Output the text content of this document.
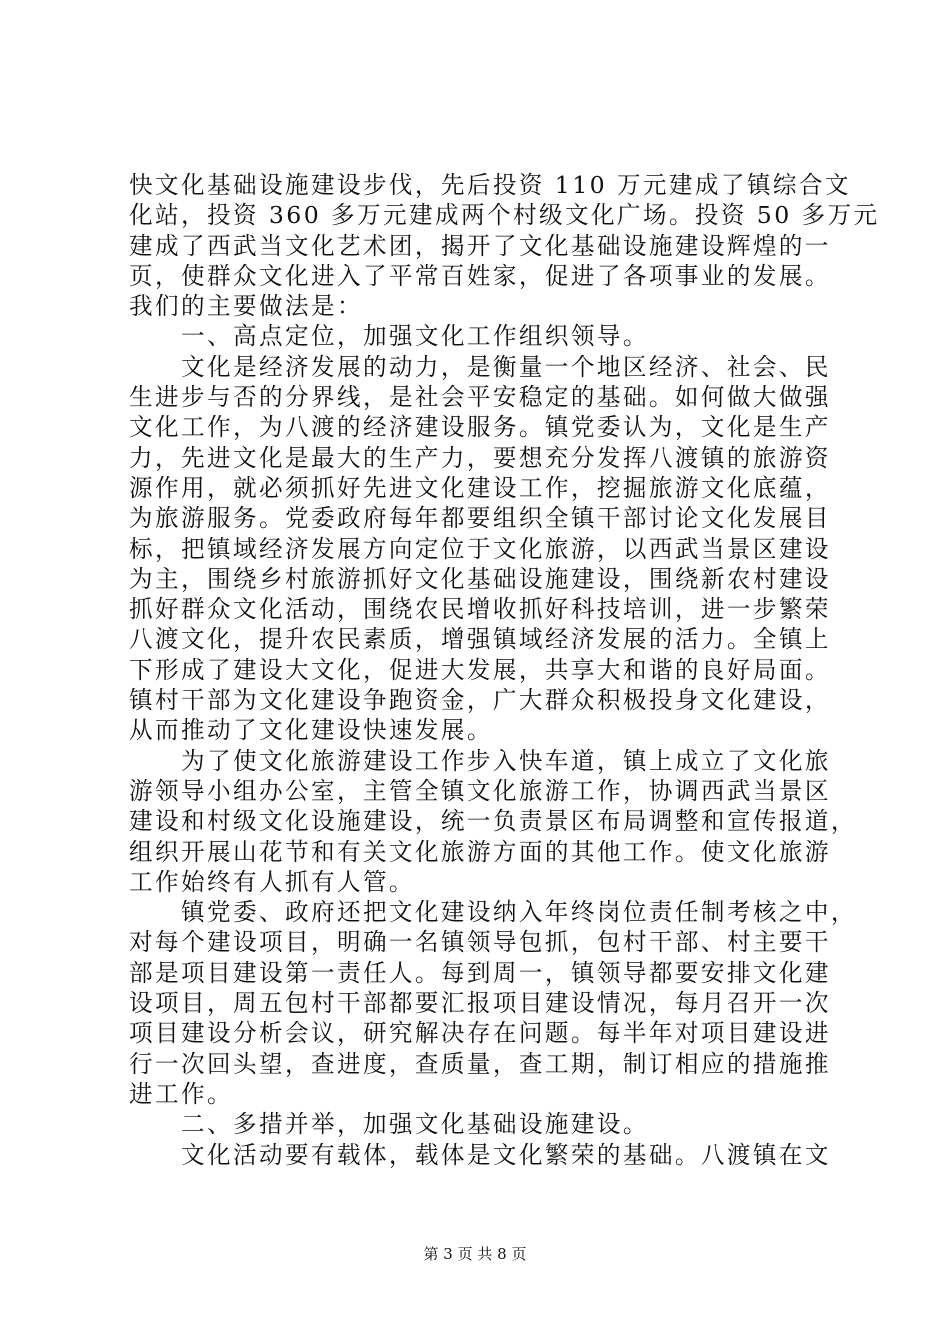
快文化基础设施建设步伐，先后投资 110 万元建成了镇综合文
化站，投资 360 多万元建成两个村级文化广场。投资 50 多万元
建成了西武当文化艺术团，揭开了文化基础设施建设辉煌的一
页，使群众文化进入了平常百姓家，促进了各项事业的发展。
我们的主要做法是：
　　一、高点定位，加强文化工作组织领导。
　　文化是经济发展的动力，是衡量一个地区经济、社会、民
生进步与否的分界线，是社会平安稳定的基础。如何做大做强
文化工作，为八渡的经济建设服务。镇党委认为，文化是生产
力，先进文化是最大的生产力，要想充分发挥八渡镇的旅游资
源作用，就必须抓好先进文化建设工作，挖掘旅游文化底蕴，
为旅游服务。党委政府每年都要组织全镇干部讨论文化发展目
标，把镇域经济发展方向定位于文化旅游，以西武当景区建设
为主，围绕乡村旅游抓好文化基础设施建设，围绕新农村建设
抓好群众文化活动，围绕农民增收抓好科技培训，进一步繁荣
八渡文化，提升农民素质，增强镇域经济发展的活力。全镇上
下形成了建设大文化，促进大发展，共享大和谐的良好局面。
镇村干部为文化建设争跑资金，广大群众积极投身文化建设，
从而推动了文化建设快速发展。
　　为了使文化旅游建设工作步入快车道，镇上成立了文化旅
游领导小组办公室，主管全镇文化旅游工作，协调西武当景区
建设和村级文化设施建设，统一负责景区布局调整和宣传报道，
组织开展山花节和有关文化旅游方面的其他工作。使文化旅游
工作始终有人抓有人管。
　　镇党委、政府还把文化建设纳入年终岗位责任制考核之中，
对每个建设项目，明确一名镇领导包抓，包村干部、村主要干
部是项目建设第一责任人。每到周一，镇领导都要安排文化建
设项目，周五包村干部都要汇报项目建设情况，每月召开一次
项目建设分析会议，研究解决存在问题。每半年对项目建设进
行一次回头望，查进度，查质量，查工期，制订相应的措施推
进工作。
　　二、多措并举，加强文化基础设施建设。
　　文化活动要有载体，载体是文化繁荣的基础。八渡镇在文
第 3 页 共 8 页
